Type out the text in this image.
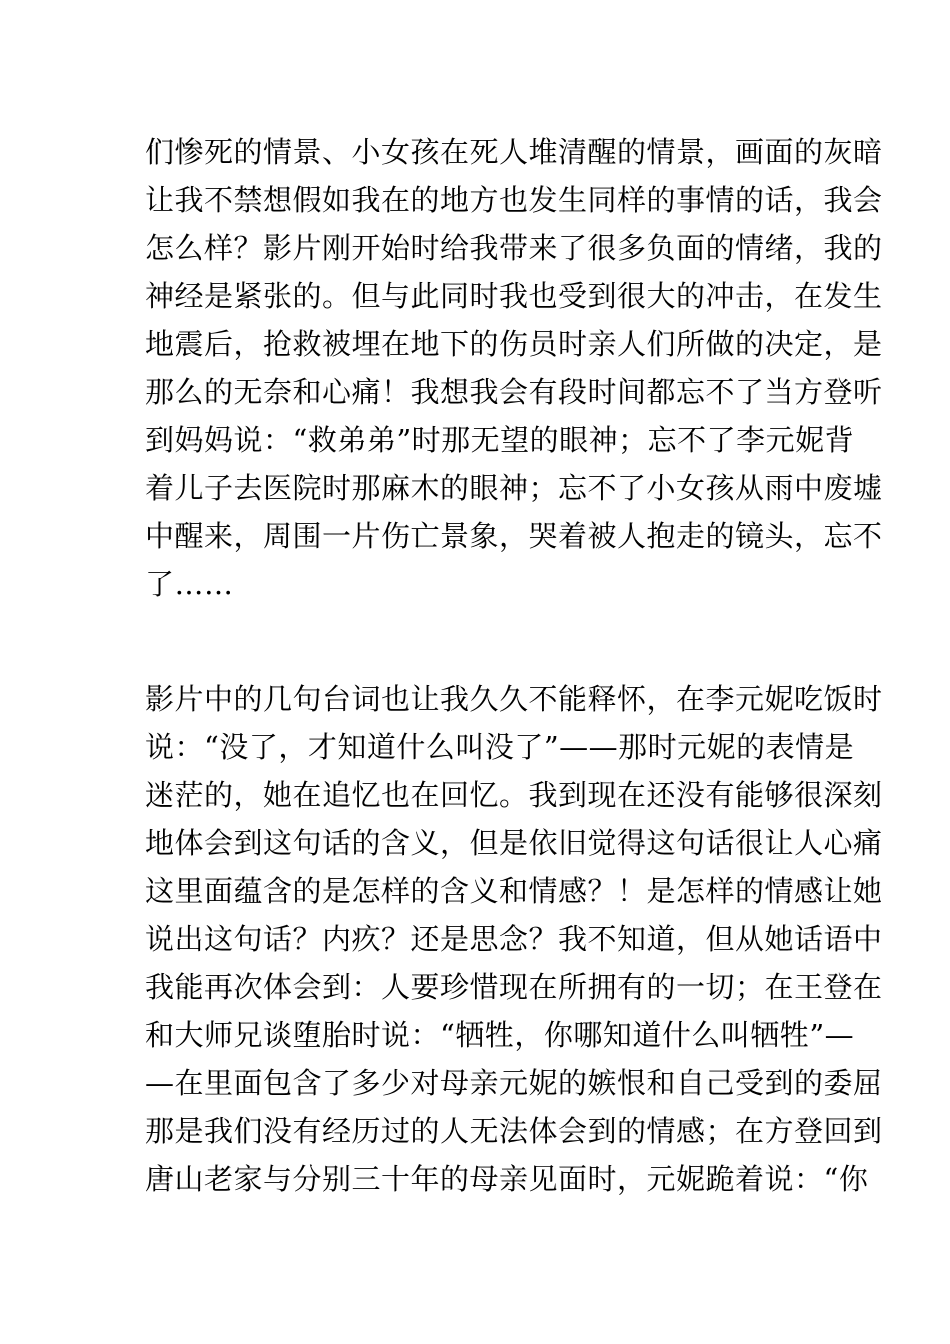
们惨死的情景、小女孩在死人堆清醒的情景，画面的灰暗
让我不禁想假如我在的地方也发生同样的事情的话，我会
怎么样？影片刚开始时给我带来了很多负面的情绪，我的
神经是紧张的。但与此同时我也受到很大的冲击，在发生
地震后，抢救被埋在地下的伤员时亲人们所做的决定，是
那么的无奈和心痛！我想我会有段时间都忘不了当方登听
到妈妈说：“救弟弟”时那无望的眼神；忘不了李元妮背
着儿子去医院时那麻木的眼神；忘不了小女孩从雨中废墟
中醒来，周围一片伤亡景象，哭着被人抱走的镜头，忘不
了……
影片中的几句台词也让我久久不能释怀，在李元妮吃饭时
说：“没了，才知道什么叫没了”——那时元妮的表情是
迷茫的，她在追忆也在回忆。我到现在还没有能够很深刻
地体会到这句话的含义，但是依旧觉得这句话很让人心痛
这里面蕴含的是怎样的含义和情感？！是怎样的情感让她
说出这句话？内疚？还是思念？我不知道，但从她话语中
我能再次体会到：人要珍惜现在所拥有的一切；在王登在
和大师兄谈堕胎时说：“牺牲，你哪知道什么叫牺牲”—
—在里面包含了多少对母亲元妮的嫉恨和自己受到的委屈
那是我们没有经历过的人无法体会到的情感；在方登回到
唐山老家与分别三十年的母亲见面时，元妮跪着说：“你
